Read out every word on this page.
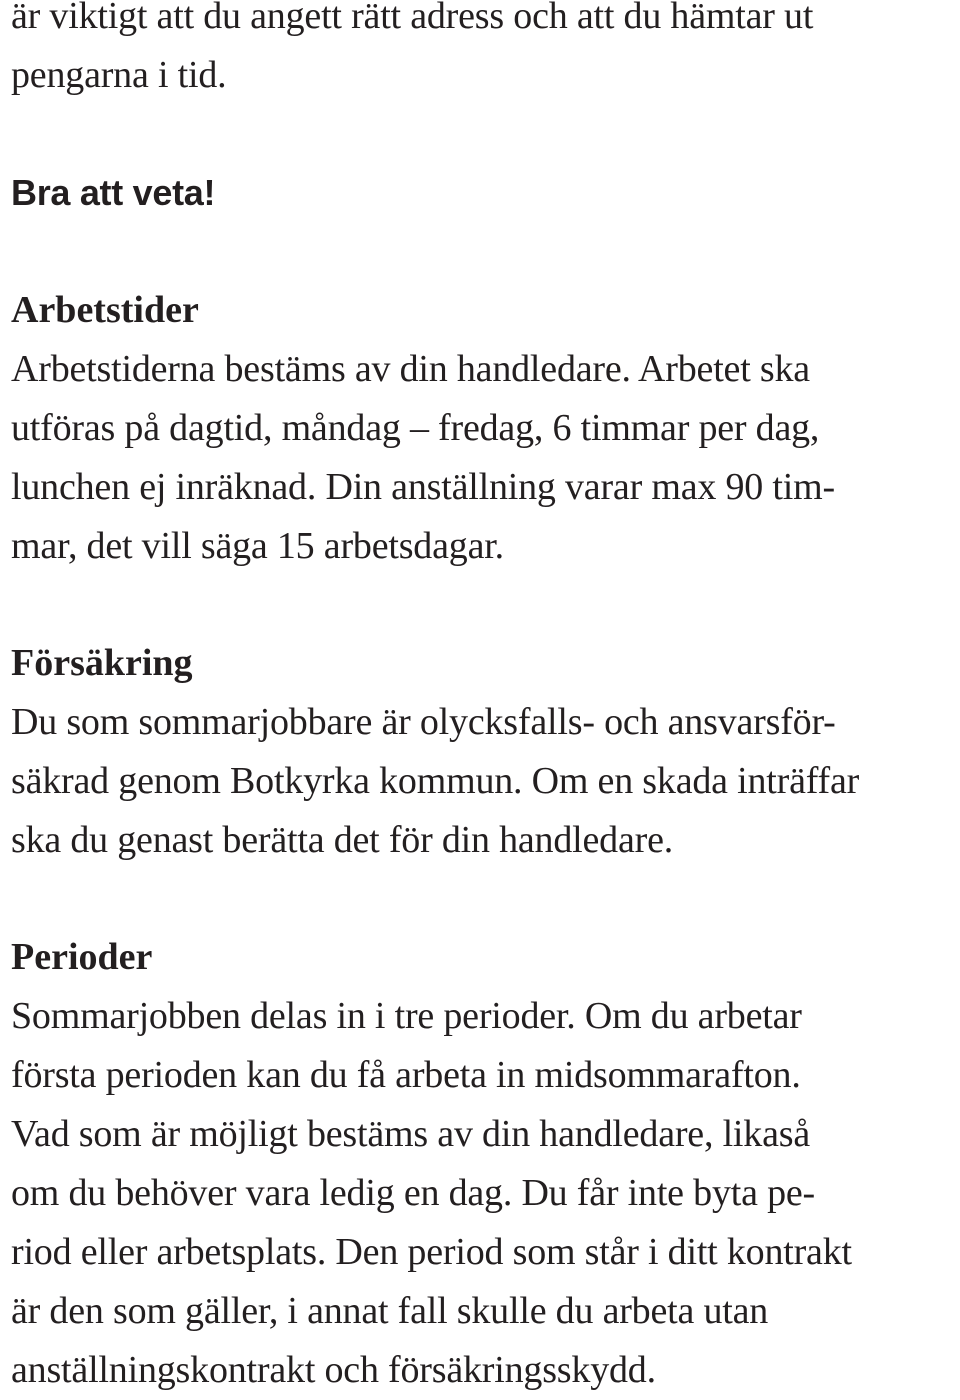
är viktigt att du angett rätt adress och att du hämtar ut
pengarna i tid.
Bra att veta!
Arbetstider
Arbetstiderna bestäms av din handledare. Arbetet ska
utföras på dagtid, måndag – fredag, 6 timmar per dag,
lunchen ej inräknad. Din anställning varar max 90 tim-
mar, det vill säga 15 arbetsdagar.
Försäkring
Du som sommarjobbare är olycksfalls- och ansvarsför-
säkrad genom Botkyrka kommun. Om en skada inträffar
ska du genast berätta det för din handledare.
Perioder
Sommarjobben delas in i tre perioder. Om du arbetar
första perioden kan du få arbeta in midsommarafton.
Vad som är möjligt bestäms av din handledare, likaså
om du behöver vara ledig en dag. Du får inte byta pe-
riod eller arbetsplats. Den period som står i ditt kontrakt
är den som gäller, i annat fall skulle du arbeta utan
anställningskontrakt och försäkringsskydd.
